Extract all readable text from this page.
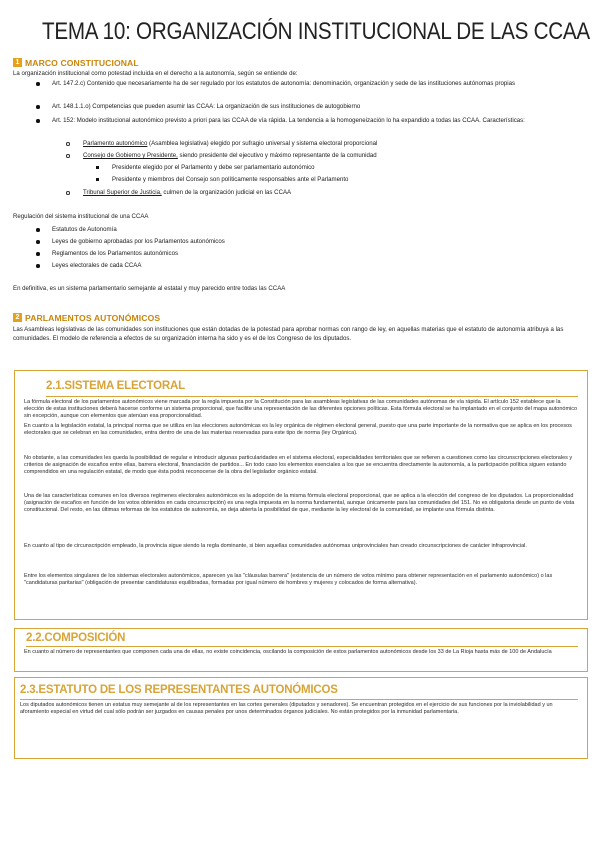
TEMA 10: ORGANIZACIÓN INSTITUCIONAL DE LAS CCAA
1 MARCO CONSTITUCIONAL
La organización institucional como potestad incluida en el derecho a la autonomía, según se entiende de:
Art. 147.2.c) Contenido que necesariamente ha de ser regulado por los estatutos de autonomía: denominación, organización y sede de las instituciones autónomas propias
Art. 148.1.1.o) Competencias que pueden asumir las CCAA: La organización de sus instituciones de autogobierno
Art. 152: Modelo institucional autonómico previsto a priori para las CCAA de vía rápida. La tendencia a la homogeneización lo ha expandido a todas las CCAA. Características:
Parlamento autonómico (Asamblea legislativa) elegido por sufragio universal y sistema electoral proporcional
Consejo de Gobierno y Presidente, siendo presidente del ejecutivo y máximo representante de la comunidad
Presidente elegido por el Parlamento y debe ser parlamentario autonómico
Presidente y miembros del Consejo son políticamente responsables ante el Parlamento
Tribunal Superior de Justicia, culmen de la organización judicial en las CCAA
Regulación del sistema institucional de una CCAA
Estatutos de Autonomía
Leyes de gobierno aprobadas por los Parlamentos autonómicos
Reglamentos de los Parlamentos autonómicos
Leyes electorales de cada CCAA
En definitiva, es un sistema parlamentario semejante al estatal y muy parecido entre todas las CCAA
2 PARLAMENTOS AUTONÓMICOS
Las Asambleas legislativas de las comunidades son instituciones que están dotadas de la potestad para aprobar normas con rango de ley, en aquellas materias que el estatuto de autonomía atribuya a las comunidades. El modelo de referencia a efectos de su organización interna ha sido y es el de los Congreso de los diputados.
2.1.SISTEMA ELECTORAL
La fórmula electoral de los parlamentos autonómicos viene marcada por la regla impuesta por la Constitución para las asambleas legislativas de las comunidades autónomas de vía rápida. El artículo 152 establece que la elección de estas instituciones deberá hacerse conforme un sistema proporcional, que facilite una representación de las diferentes opciones políticas. Esta fórmula electoral se ha implantado en el conjunto del mapa autonómico sin excepción, aunque con elementos que atenúan esa proporcionalidad.
En cuanto a la legislación estatal, la principal norma que se utiliza en las elecciones autonómicas es la ley orgánica de régimen electoral general, puesto que una parte importante de la normativa que se aplica en los procesos electorales que se celebran en las comunidades, entra dentro de una de las materias reservadas para este tipo de norma (ley Orgánica).
No obstante, a las comunidades les queda la posibilidad de regular e introducir algunas particularidades en el sistema electoral, especialidades territoriales que se refieren a cuestiones como las circunscripciones electorales y criterios de asignación de escaños entre ellas, barrera electoral, financiación de partidos... En todo caso los elementos esenciales a los que se encuentra directamente la autonomía, a la participación política siguen estando comprendidos en una regulación estatal, de modo que ésta podrá reconocerse de la obra del legislador orgánico estatal.
Una de las características comunes en los diversos regímenes electorales autonómicos es la adopción de la misma fórmula electoral proporcional, que se aplica a la elección del congreso de los diputados. La proporcionalidad (asignación de escaños en función de los votos obtenidos en cada circunscripción) es una regla impuesta en la norma fundamental, aunque únicamente para las comunidades del 151. No es obligatoria desde un punto de vista constitucional. Del resto, en las últimas reformas de los estatutos de autonomía, se deja abierta la posibilidad de que, mediante la ley electoral de la comunidad, se implante una fórmula distinta.
En cuanto al tipo de circunscripción empleado, la provincia sigue siendo la regla dominante, si bien aquellas comunidades autónomas uniprovinciales han creado circunscripciones de carácter infraprovincial.
Entre los elementos singulares de los sistemas electorales autonómicos, aparecen ya las "cláusulas barrera" (existencia de un número de votos mínimo para obtener representación en el parlamento autonómico) o las "candidaturas paritarias" (obligación de presentar candidaturas equilibradas, formadas por igual número de hombres y mujeres y colocados de forma alternativa).
2.2.COMPOSICIÓN
En cuanto al número de representantes que componen cada una de ellas, no existe coincidencia, oscilando la composición de estos parlamentos autonómicos desde los 33 de La Rioja hasta más de 100 de Andalucía
2.3.ESTATUTO DE LOS REPRESENTANTES AUTONÓMICOS
Los diputados autonómicos tienen un estatus muy semejante al de los representantes en las cortes generales (diputados y senadores). Se encuentran protegidos en el ejercicio de sus funciones por la inviolabilidad y un aforamiento especial en virtud del cual sólo podrán ser juzgados en causas penales por unos determinados órganos judiciales. No están protegidos por la inmunidad parlamentaria.
